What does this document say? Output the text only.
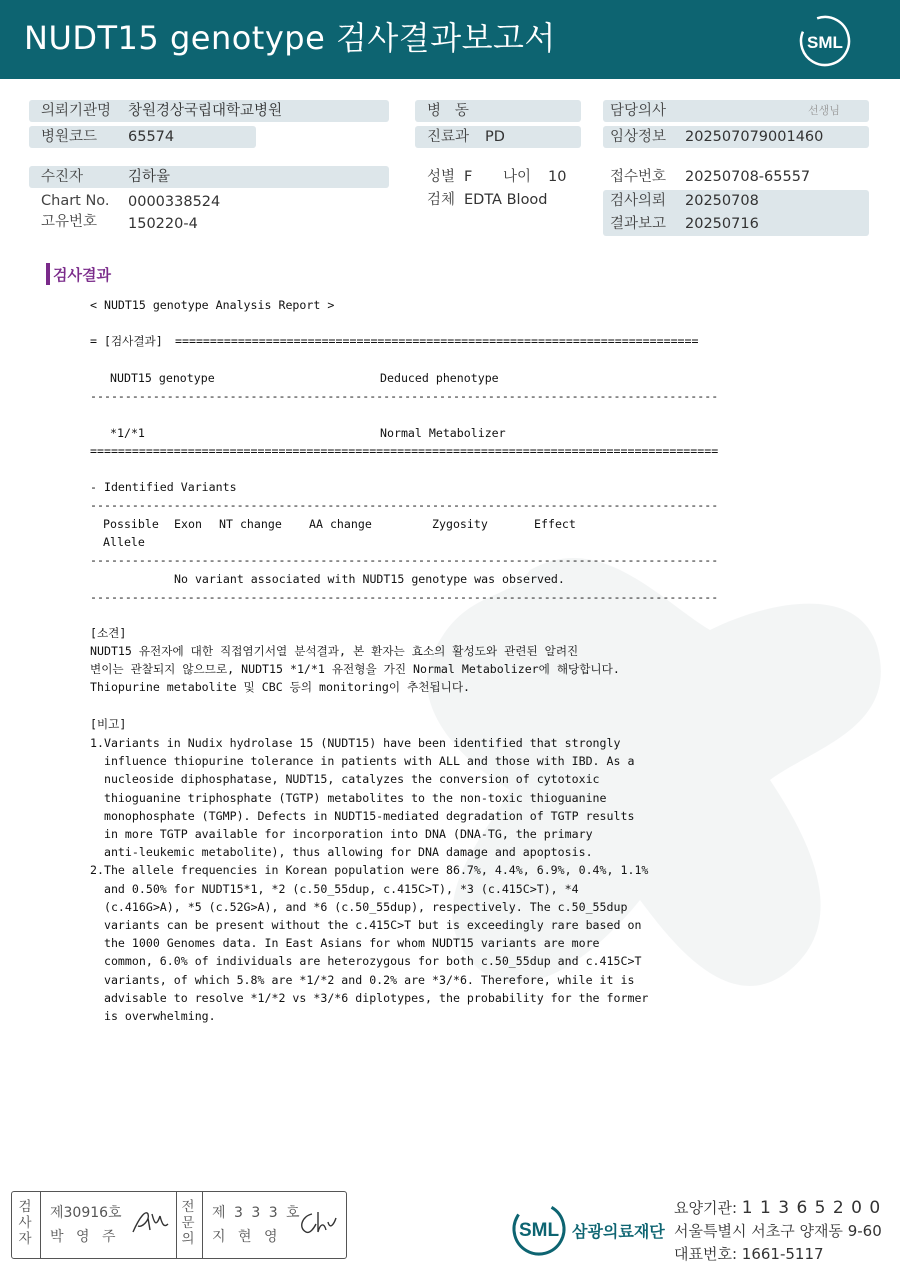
NUDT15 genotype 검사결과보고서	SML
의뢰기관명 창원경상국립대학교병원
병원코드 65574
병   동
진료과 PD
담당의사	선생님
임상정보 202507079001460
수진자	김하율
Chart No. 0000338524
고유번호 150220-4
성별 F 나이 10
검체 EDTA Blood
접수번호 20250708-65557
검사의뢰 20250708
결과보고 20250716
검사결과
< NUDT15 genotype Analysis Report >
= [검사결과] ===========================================================================
NUDT15 genotype	Deduced phenotype
------------------------------------------------------------------------------------------
*1/*1	Normal Metabolizer
==========================================================================================
- Identified Variants
------------------------------------------------------------------------------------------
Possible Exon NT change AA change	Zygosity	Effect
Allele
------------------------------------------------------------------------------------------
No variant associated with NUDT15 genotype was observed.
------------------------------------------------------------------------------------------
[소견]
NUDT15 유전자에 대한 직접염기서열 분석결과, 본 환자는 효소의 활성도와 관련된 알려진
변이는 관찰되지 않으므로, NUDT15 *1/*1 유전형을 가진 Normal Metabolizer에 해당합니다.
Thiopurine metabolite 및 CBC 등의 monitoring이 추천됩니다.
[비고]
1.Variants in Nudix hydrolase 15 (NUDT15) have been identified that strongly
influence thiopurine tolerance in patients with ALL and those with IBD. As a
nucleoside diphosphatase, NUDT15, catalyzes the conversion of cytotoxic
thioguanine triphosphate (TGTP) metabolites to the non-toxic thioguanine
monophosphate (TGMP). Defects in NUDT15-mediated degradation of TGTP results
in more TGTP available for incorporation into DNA (DNA-TG, the primary
anti-leukemic metabolite), thus allowing for DNA damage and apoptosis.
2.The allele frequencies in Korean population were 86.7%, 4.4%, 6.9%, 0.4%, 1.1%
and 0.50% for NUDT15*1, *2 (c.50_55dup, c.415C>T), *3 (c.415C>T), *4
(c.416G>A), *5 (c.52G>A), and *6 (c.50_55dup), respectively. The c.50_55dup
variants can be present without the c.415C>T but is exceedingly rare based on
the 1000 Genomes data. In East Asians for whom NUDT15 variants are more
common, 6.0% of individuals are heterozygous for both c.50_55dup and c.415C>T
variants, of which 5.8% are *1/*2 and 0.2% are *3/*6. Therefore, while it is
advisable to resolve *1/*2 vs *3/*6 diplotypes, the probability for the former
is overwhelming.
검사자
제30916호
박 영 주
전문의
제 3 3 3 호
지 현 영	SML 삼광의료재단
요양기관: 1 1 3 6 5 2 0 0
서울특별시 서초구 양재동 9-60
대표번호: 1661-5117
